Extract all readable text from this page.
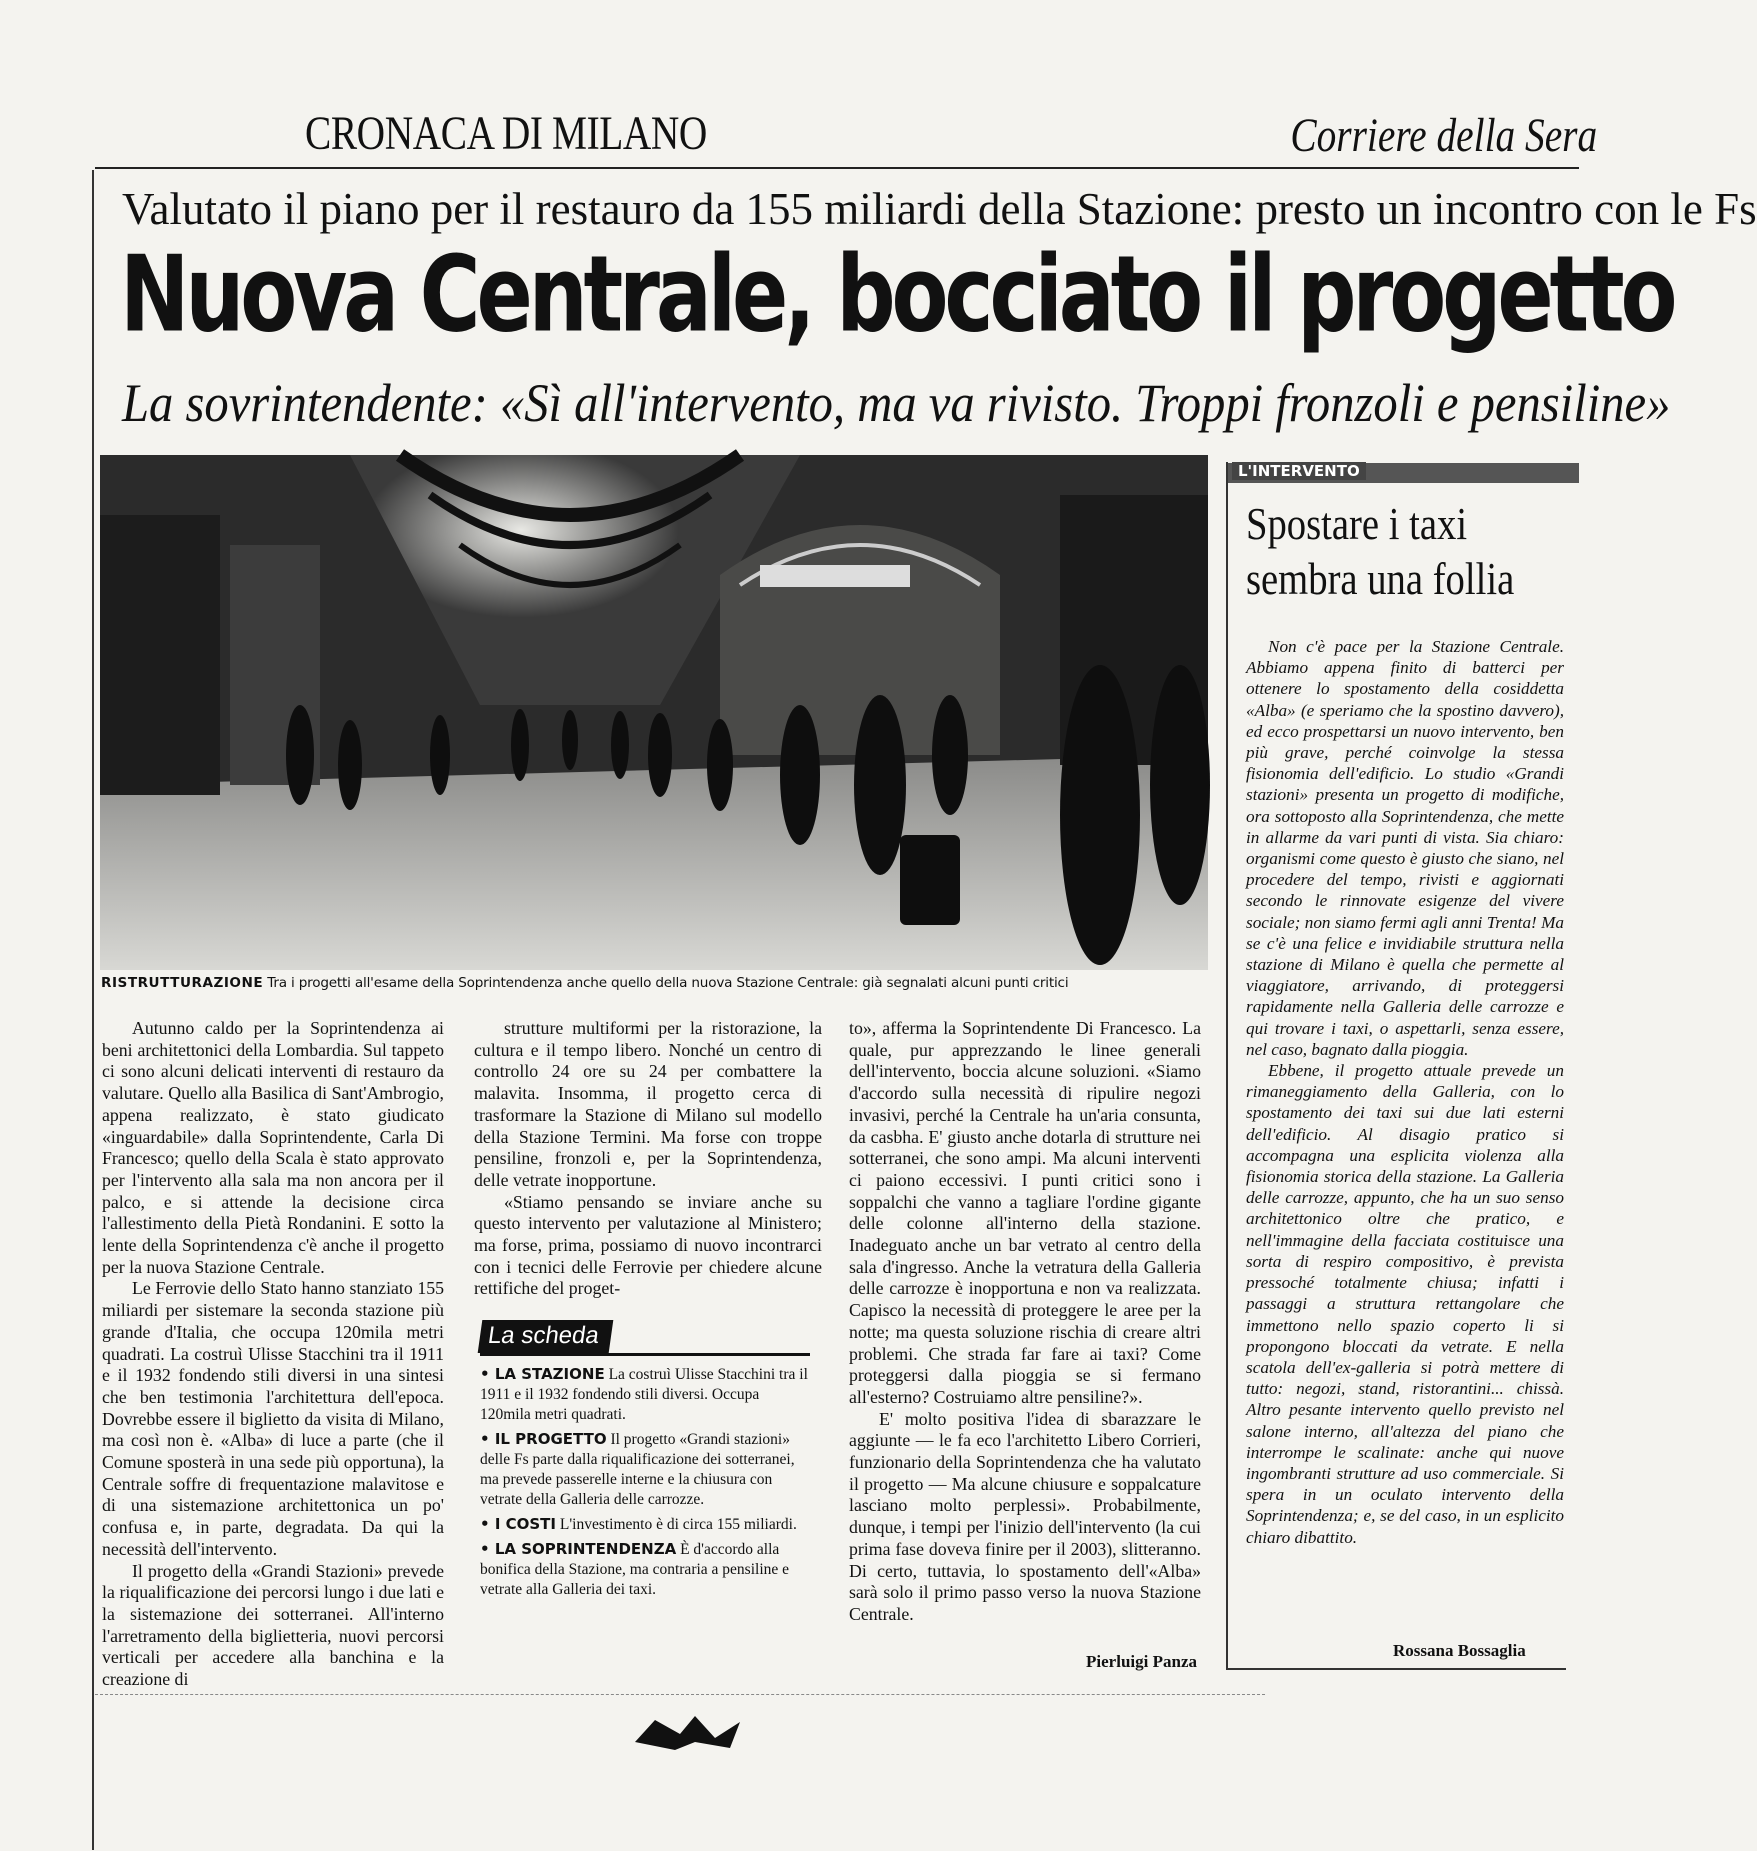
CRONACA DI MILANO	Corriere della Sera
Valutato il piano per il restauro da 155 miliardi della Stazione: presto un incontro con le Fs
Nuova Centrale, bocciato il progetto
La sovrintendente: «Sì all'intervento, ma va rivisto. Troppi fronzoli e pensiline»
RISTRUTTURAZIONE Tra i progetti all'esame della Soprintendenza anche quello della nuova Stazione Centrale: già segnalati alcuni punti critici

Autunno caldo per la Soprintendenza ai beni architettonici della Lombardia. Sul tappeto ci sono alcuni delicati interventi di restauro da valutare. Quello alla Basilica di Sant'Ambrogio, appena realizzato, è stato giudicato «inguardabile» dalla Soprintendente, Carla Di Francesco; quello della Scala è stato approvato per l'intervento alla sala ma non ancora per il palco, e si attende la decisione circa l'allestimento della Pietà Rondanini. E sotto la lente della Soprintendenza c'è anche il progetto per la nuova Stazione Centrale.

Le Ferrovie dello Stato hanno stanziato 155 miliardi per sistemare la seconda stazione più grande d'Italia, che occupa 120mila metri quadrati. La costruì Ulisse Stacchini tra il 1911 e il 1932 fondendo stili diversi in una sintesi che ben testimonia l'architettura dell'epoca. Dovrebbe essere il biglietto da visita di Milano, ma così non è. «Alba» di luce a parte (che il Comune sposterà in una sede più opportuna), la Centrale soffre di frequentazione malavitose e di una sistemazione architettonica un po' confusa e, in parte, degradata. Da qui la necessità dell'intervento.

Il progetto della «Grandi Stazioni» prevede la riqualificazione dei percorsi lungo i due lati e la sistemazione dei sotterranei. All'interno l'arretramento della biglietteria, nuovi percorsi verticali per accedere alla banchina e la creazione di

strutture multiformi per la ristorazione, la cultura e il tempo libero. Nonché un centro di controllo 24 ore su 24 per combattere la malavita. Insomma, il progetto cerca di trasformare la Stazione di Milano sul modello della Stazione Termini. Ma forse con troppe pensiline, fronzoli e, per la Soprintendenza, delle vetrate inopportune.

«Stiamo pensando se inviare anche su questo intervento per valutazione al Ministero; ma forse, prima, possiamo di nuovo incontrarci con i tecnici delle Ferrovie per chiedere alcune rettifiche del proget-

to», afferma la Soprintendente Di Francesco. La quale, pur apprezzando le linee generali dell'intervento, boccia alcune soluzioni. «Siamo d'accordo sulla necessità di ripulire negozi invasivi, perché la Centrale ha un'aria consunta, da casbha. E' giusto anche dotarla di strutture nei sotterranei, che sono ampi. Ma alcuni interventi ci paiono eccessivi. I punti critici sono i soppalchi che vanno a tagliare l'ordine gigante delle colonne all'interno della stazione. Inadeguato anche un bar vetrato al centro della sala d'ingresso. Anche la vetratura della Galleria delle carrozze è inopportuna e non va realizzata. Capisco la necessità di proteggere le aree per la notte; ma questa soluzione rischia di creare altri problemi. Che strada far fare ai taxi? Come proteggersi dalla pioggia se si fermano all'esterno? Costruiamo altre pensiline?».

E' molto positiva l'idea di sbarazzare le aggiunte — le fa eco l'architetto Libero Corrieri, funzionario della Soprintendenza che ha valutato il progetto — Ma alcune chiusure e soppalcature lasciano molto perplessi». Probabilmente, dunque, i tempi per l'inizio dell'intervento (la cui prima fase doveva finire per il 2003), slitteranno. Di certo, tuttavia, lo spostamento dell'«Alba» sarà solo il primo passo verso la nuova Stazione Centrale.

Pierluigi Panza
La scheda
• LA STAZIONE La costruì Ulisse Stacchini tra il 1911 e il 1932 fondendo stili diversi. Occupa 120mila metri quadrati.
• IL PROGETTO Il progetto «Grandi stazioni» delle Fs parte dalla riqualificazione dei sotterranei, ma prevede passerelle interne e la chiusura con vetrate della Galleria delle carrozze.
• I COSTI L'investimento è di circa 155 miliardi.
• LA SOPRINTENDENZA È d'accordo alla bonifica della Stazione, ma contraria a pensiline e vetrate alla Galleria dei taxi.
L'INTERVENTO
Spostare i taxi sembra una follia

Non c'è pace per la Stazione Centrale. Abbiamo appena finito di batterci per ottenere lo spostamento della cosiddetta «Alba» (e speriamo che la spostino davvero), ed ecco prospettarsi un nuovo intervento, ben più grave, perché coinvolge la stessa fisionomia dell'edificio. Lo studio «Grandi stazioni» presenta un progetto di modifiche, ora sottoposto alla Soprintendenza, che mette in allarme da vari punti di vista. Sia chiaro: organismi come questo è giusto che siano, nel procedere del tempo, rivisti e aggiornati secondo le rinnovate esigenze del vivere sociale; non siamo fermi agli anni Trenta! Ma se c'è una felice e invidiabile struttura nella stazione di Milano è quella che permette al viaggiatore, arrivando, di proteggersi rapidamente nella Galleria delle carrozze e qui trovare i taxi, o aspettarli, senza essere, nel caso, bagnato dalla pioggia.

Ebbene, il progetto attuale prevede un rimaneggiamento della Galleria, con lo spostamento dei taxi sui due lati esterni dell'edificio. Al disagio pratico si accompagna una esplicita violenza alla fisionomia storica della stazione. La Galleria delle carrozze, appunto, che ha un suo senso architettonico oltre che pratico, e nell'immagine della facciata costituisce una sorta di respiro compositivo, è prevista pressoché totalmente chiusa; infatti i passaggi a struttura rettangolare che immettono nello spazio coperto li si propongono bloccati da vetrate. E nella scatola dell'ex-galleria si potrà mettere di tutto: negozi, stand, ristorantini... chissà. Altro pesante intervento quello previsto nel salone interno, all'altezza del piano che interrompe le scalinate: anche qui nuove ingombranti strutture ad uso commerciale. Si spera in un oculato intervento della Soprintendenza; e, se del caso, in un esplicito chiaro dibattito.

Rossana Bossaglia
